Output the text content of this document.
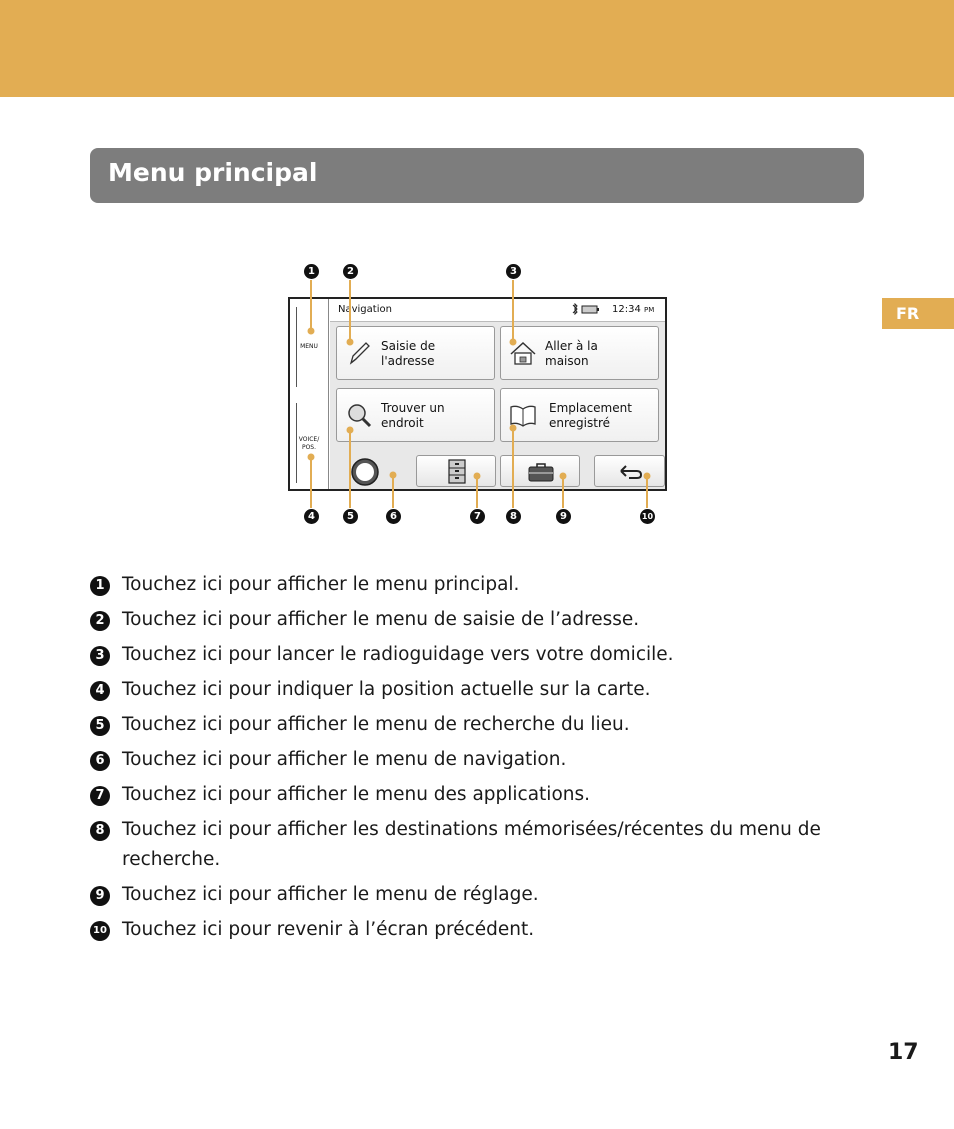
Menu principal
FR
MENU
VOICE/
POS.
Navigation	12:34 PM
Saisie de
l'adresse
Aller à la
maison
Trouver un
endroit
Emplacement
enregistré
1	2	3
4	5	6	7	8	9	10
1 Touchez ici pour afficher le menu principal.
2 Touchez ici pour afficher le menu de saisie de l’adresse.
3 Touchez ici pour lancer le radioguidage vers votre domicile.
4 Touchez ici pour indiquer la position actuelle sur la carte.
5 Touchez ici pour afficher le menu de recherche du lieu.
6 Touchez ici pour afficher le menu de navigation.
7 Touchez ici pour afficher le menu des applications.
8 Touchez ici pour afficher les destinations mémorisées/récentes du menu de recherche.
9 Touchez ici pour afficher le menu de réglage.
10 Touchez ici pour revenir à l’écran précédent.
17
